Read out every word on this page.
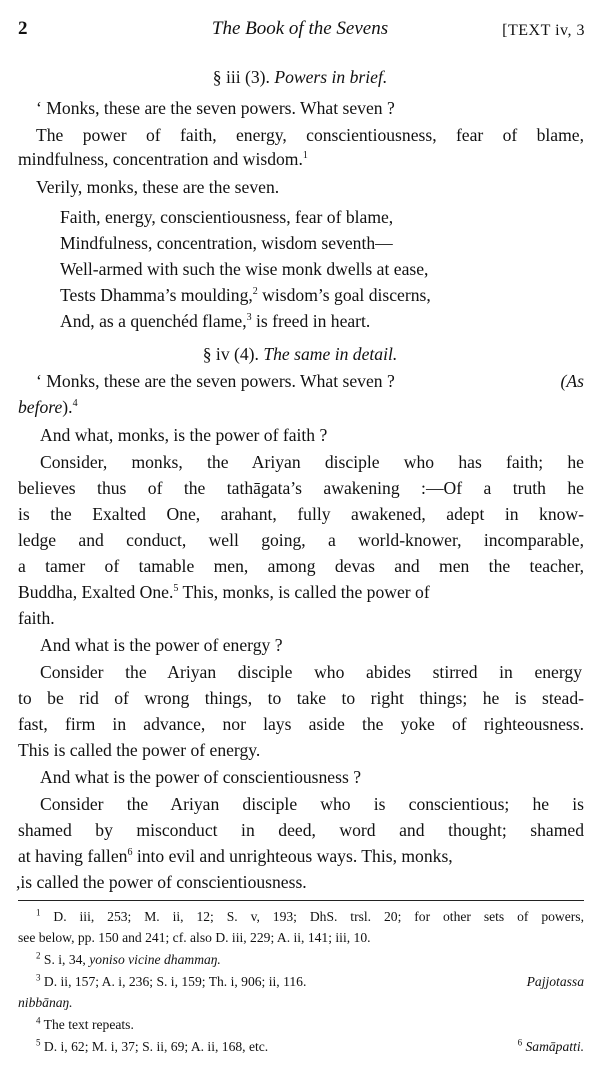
2	The Book of the Sevens	[TEXT iv, 3
§ iii (3). Powers in brief.
‘ Monks, these are the seven powers. What seven ?
The power of faith, energy, conscientiousness, fear of blame,
mindfulness, concentration and wisdom.$^1$
Verily, monks, these are the seven.
Faith, energy, conscientiousness, fear of blame,
Mindfulness, concentration, wisdom seventh—
Well-armed with such the wise monk dwells at ease,
Tests Dhamma’s moulding,$^2$ wisdom’s goal discerns,
And, as a quenchéd flame,$^3$ is freed in heart.
§ iv (4). The same in detail.
‘ Monks, these are the seven powers. What seven ?	(As
before).$^4$
And what, monks, is the power of faith ?
Consider, monks, the Ariyan disciple who has faith; he
believes thus of the tathāgata’s awakening :—Of a truth he
is the Exalted One, arahant, fully awakened, adept in know-
ledge and conduct, well going, a world-knower, incomparable,
a tamer of tamable men, among devas and men the teacher,
Buddha, Exalted One.$^5$ This, monks, is called the power of
faith.
And what is the power of energy ?
Consider the Ariyan disciple who abides stirred in energy
to be rid of wrong things, to take to right things; he is stead-
fast, firm in advance, nor lays aside the yoke of righteousness.
This is called the power of energy.
And what is the power of conscientiousness ?
Consider the Ariyan disciple who is conscientious; he is
shamed by misconduct in deed, word and thought; shamed
at having fallen$^6$ into evil and unrighteous ways. This, monks,
,is called the power of conscientiousness.
$^1$ D. iii, 253; M. ii, 12; S. v, 193; DhS. trsl. 20; for other sets of powers,
see below, pp. 150 and 241; cf. also D. iii, 229; A. ii, 141; iii, 10.
$^2$ S. i, 34, yoniso vicine dhammaŋ.
$^3$ D. ii, 157; A. i, 236; S. i, 159; Th. i, 906; ii, 116.	Pajjotassa
nibbānaŋ.
$^4$ The text repeats.
$^5$ D. i, 62; M. i, 37; S. ii, 69; A. ii, 168, etc.	$^6$ Samāpatti.
